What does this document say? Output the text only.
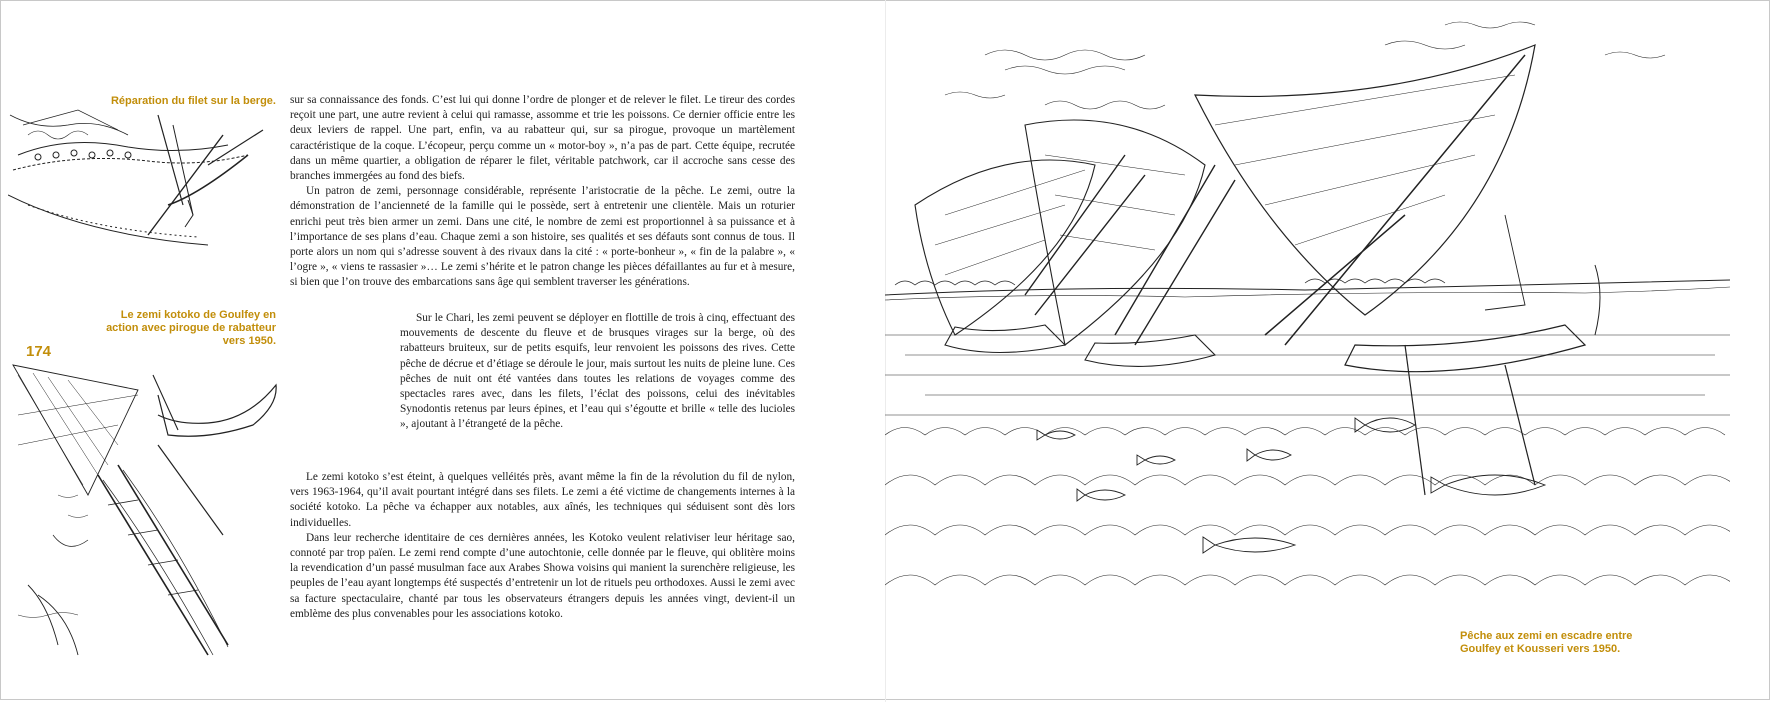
Réparation du filet sur la berge.
Le zemi kotoko de Goulfey en action avec pirogue de rabatteur vers 1950.
174

sur sa connaissance des fonds. C’est lui qui donne l’ordre de plonger et de relever le filet. Le tireur des cordes reçoit une part, une autre revient à celui qui ramasse, assomme et trie les poissons. Ce dernier officie entre les deux leviers de rappel. Une part, enfin, va au rabatteur qui, sur sa pirogue, provoque un martèlement caractéristique de la coque. L’écopeur, perçu comme un « motor-boy », n’a pas de part. Cette équipe, recrutée dans un même quartier, a obligation de réparer le filet, véritable patchwork, car il accroche sans cesse des branches immergées au fond des biefs.

Un patron de zemi, personnage considérable, représente l’aristocratie de la pêche. Le zemi, outre la démonstration de l’ancienneté de la famille qui le possède, sert à entretenir une clientèle. Mais un roturier enrichi peut très bien armer un zemi. Dans une cité, le nombre de zemi est proportionnel à sa puissance et à l’importance de ses plans d’eau. Chaque zemi a son histoire, ses qualités et ses défauts sont connus de tous. Il porte alors un nom qui s’adresse souvent à des rivaux dans la cité : « porte-bonheur », « fin de la palabre », « l’ogre », « viens te rassasier »… Le zemi s’hérite et le patron change les pièces défaillantes au fur et à mesure, si bien que l’on trouve des embarcations sans âge qui semblent traverser les générations.

Sur le Chari, les zemi peuvent se déployer en flottille de trois à cinq, effectuant des mouvements de descente du fleuve et de brusques virages sur la berge, où des rabatteurs bruiteux, sur de petits esquifs, leur renvoient les poissons des rives. Cette pêche de décrue et d’étiage se déroule le jour, mais surtout les nuits de pleine lune. Ces pêches de nuit ont été vantées dans toutes les relations de voyages comme des spectacles rares avec, dans les filets, l’éclat des poissons, celui des inévitables Synodontis retenus par leurs épines, et l’eau qui s’égoutte et brille « telle des lucioles », ajoutant à l’étrangeté de la pêche.

Le zemi kotoko s’est éteint, à quelques velléités près, avant même la fin de la révolution du fil de nylon, vers 1963-1964, qu’il avait pourtant intégré dans ses filets. Le zemi a été victime de changements internes à la société kotoko. La pêche va échapper aux notables, aux aînés, les techniques qui séduisent sont dès lors individuelles.

Dans leur recherche identitaire de ces dernières années, les Kotoko veulent relativiser leur héritage sao, connoté par trop païen. Le zemi rend compte d’une autochtonie, celle donnée par le fleuve, qui oblitère moins la revendication d’un passé musulman face aux Arabes Showa voisins qui manient la surenchère religieuse, les peuples de l’eau ayant longtemps été suspectés d’entretenir un lot de rituels peu orthodoxes. Aussi le zemi avec sa facture spectaculaire, chanté par tous les observateurs étrangers depuis les années vingt, devient-il un emblème des plus convenables pour les associations kotoko.

Pêche aux zemi en escadre entre Goulfey et Kousseri vers 1950.
